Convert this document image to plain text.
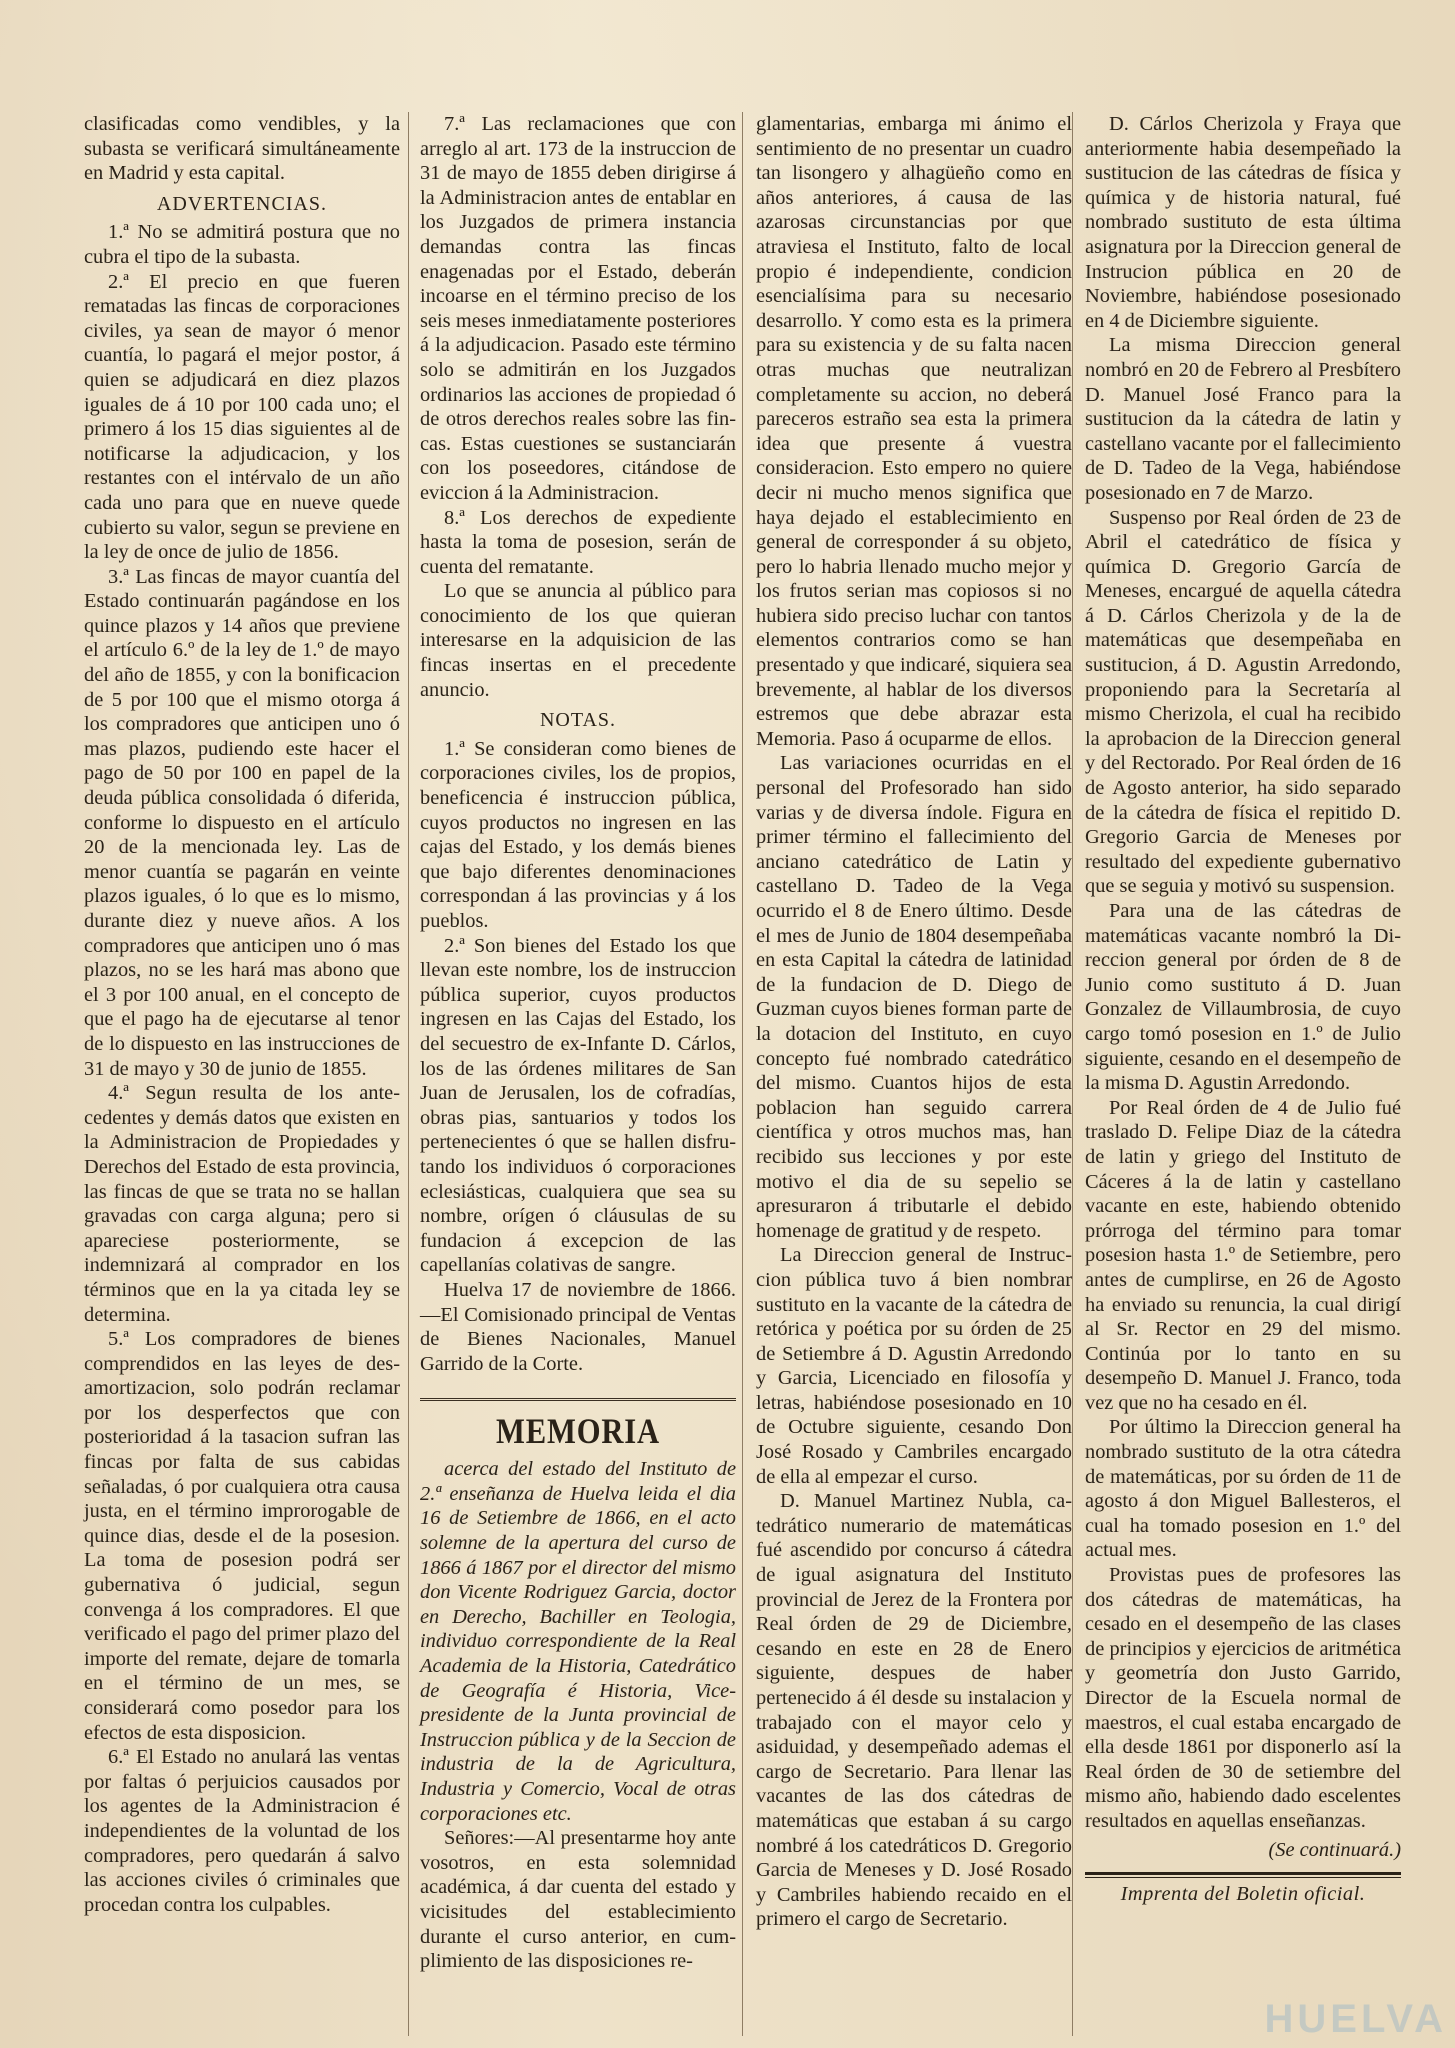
clasificadas como vendibles, y la subasta se verificará simultáneamente en Madrid y esta capital.

ADVERTENCIAS.

1.ª No se admitirá postura que no cubra el tipo de la subasta.

2.ª El precio en que fueren rematadas las fincas de corporaciones civiles, ya sean de mayor ó menor cuantía, lo pagará el mejor postor, á quien se adjudicará en diez plazos iguales de á 10 por 100 cada uno; el primero á los 15 dias siguientes al de notificarse la adjudicacion, y los restantes con el intérvalo de un año cada uno para que en nueve quede cubierto su valor, segun se previene en la ley de once de julio de 1856.

3.ª Las fincas de mayor cuantía del Estado continuarán pagándose en los quince plazos y 14 años que previene el artículo 6.º de la ley de 1.º de mayo del año de 1855, y con la bonificacion de 5 por 100 que el mismo otorga á los compradores que anticipen uno ó mas plazos, pudiendo este hacer el pago de 50 por 100 en papel de la deuda pública consolidada ó diferida, conforme lo dispuesto en el artículo 20 de la mencionada ley. Las de menor cuantía se pagarán en veinte plazos iguales, ó lo que es lo mismo, durante diez y nueve años. A los compradores que anticipen uno ó mas plazos, no se les hará mas abono que el 3 por 100 anual, en el concepto de que el pago ha de ejecutarse al tenor de lo dispuesto en las instrucciones de 31 de mayo y 30 de junio de 1855.

4.ª Segun resulta de los antecedentes y demás datos que existen en la Administracion de Propiedades y Derechos del Estado de esta provincia, las fincas de que se trata no se hallan gravadas con carga alguna; pero si apareciese posteriormente, se indemnizará al comprador en los términos que en la ya citada ley se determina.

5.ª Los compradores de bienes comprendidos en las leyes de desamortizacion, solo podrán reclamar por los desperfectos que con posterioridad á la tasacion sufran las fincas por falta de sus cabidas señaladas, ó por cualquiera otra causa justa, en el término improrogable de quince dias, desde el de la posesion. La toma de posesion podrá ser gubernativa ó judicial, segun convenga á los compradores. El que verificado el pago del primer plazo del importe del remate, dejare de tomarla en el término de un mes, se considerará como posedor para los efectos de esta disposicion.

6.ª El Estado no anulará las ventas por faltas ó perjuicios causados por los agentes de la Administracion é independientes de la voluntad de los compradores, pero quedarán á salvo las acciones civiles ó criminales que procedan contra los culpables.

7.ª Las reclamaciones que con arreglo al art. 173 de la instruccion de 31 de mayo de 1855 deben dirigirse á la Administracion antes de entablar en los Juzgados de primera instancia demandas contra las fincas enagenadas por el Estado, deberán incoarse en el término preciso de los seis meses inmediatamente posteriores á la adjudicacion. Pasado este término solo se admitirán en los Juzgados ordinarios las acciones de propiedad ó de otros derechos reales sobre las fincas. Estas cuestiones se sustanciarán con los poseedores, citándose de eviccion á la Administracion.

8.ª Los derechos de expediente hasta la toma de posesion, serán de cuenta del rematante.

Lo que se anuncia al público para conocimiento de los que quieran interesarse en la adquisicion de las fincas insertas en el precedente anuncio.

NOTAS.

1.ª Se consideran como bienes de corporaciones civiles, los de propios, beneficencia é instruccion pública, cuyos productos no ingresen en las cajas del Estado, y los demás bienes que bajo diferentes denominaciones correspondan á las provincias y á los pueblos.

2.ª Son bienes del Estado los que llevan este nombre, los de instruccion pública superior, cuyos productos ingresen en las Cajas del Estado, los del secuestro de ex-Infante D. Cárlos, los de las órdenes militares de San Juan de Jerusalen, los de cofradías, obras pias, santuarios y todos los pertenecientes ó que se hallen disfrutando los individuos ó corporaciones eclesiásticas, cualquiera que sea su nombre, orígen ó cláusulas de su fundacion á excepcion de las capellanías colativas de sangre.

Huelva 17 de noviembre de 1866.—El Comisionado principal de Ventas de Bienes Nacionales, Manuel Garrido de la Corte.

MEMORIA

acerca del estado del Instituto de 2.ª enseñanza de Huelva leida el dia 16 de Setiembre de 1866, en el acto solemne de la apertura del curso de 1866 á 1867 por el director del mismo don Vicente Rodriguez Garcia, doctor en Derecho, Bachiller en Teologia, individuo correspondiente de la Real Academia de la Historia, Catedrático de Geografía é Historia, Vice-presidente de la Junta provincial de Instruccion pública y de la Seccion de industria de la de Agricultura, Industria y Comercio, Vocal de otras corporaciones etc.

Señores:—Al presentarme hoy ante vosotros, en esta solemnidad académica, á dar cuenta del estado y vicisitudes del establecimiento durante el curso anterior, en cumplimiento de las disposiciones re-

glamentarias, embarga mi ánimo el sentimiento de no presentar un cuadro tan lisongero y alhagüeño como en años anteriores, á causa de las azarosas circunstancias por que atraviesa el Instituto, falto de local propio é independiente, condicion esencialísima para su necesario desarrollo. Y como esta es la primera para su existencia y de su falta nacen otras muchas que neutralizan completamente su accion, no deberá pareceros estraño sea esta la primera idea que presente á vuestra consideracion. Esto empero no quiere decir ni mucho menos significa que haya dejado el establecimiento en general de corresponder á su objeto, pero lo habria llenado mucho mejor y los frutos serian mas copiosos si no hubiera sido preciso luchar con tantos elementos contrarios como se han presentado y que indicaré, siquiera sea brevemente, al hablar de los diversos estremos que debe abrazar esta Memoria. Paso á ocuparme de ellos.

Las variaciones ocurridas en el personal del Profesorado han sido varias y de diversa índole. Figura en primer término el fallecimiento del anciano catedrático de Latin y castellano D. Tadeo de la Vega ocurrido el 8 de Enero último. Desde el mes de Junio de 1804 desempeñaba en esta Capital la cátedra de latinidad de la fundacion de D. Diego de Guzman cuyos bienes forman parte de la dotacion del Instituto, en cuyo concepto fué nombrado catedrático del mismo. Cuantos hijos de esta poblacion han seguido carrera científica y otros muchos mas, han recibido sus lecciones y por este motivo el dia de su sepelio se apresuraron á tributarle el debido homenage de gratitud y de respeto.

La Direccion general de Instruccion pública tuvo á bien nombrar sustituto en la vacante de la cátedra de retórica y poética por su órden de 25 de Setiembre á D. Agustin Arredondo y Garcia, Licenciado en filosofía y letras, habiéndose posesionado en 10 de Octubre siguiente, cesando Don José Rosado y Cambriles encargado de ella al empezar el curso.

D. Manuel Martinez Nubla, catedrático numerario de matemáticas fué ascendido por concurso á cátedra de igual asignatura del Instituto provincial de Jerez de la Frontera por Real órden de 29 de Diciembre, cesando en este en 28 de Enero siguiente, despues de haber pertenecido á él desde su instalacion y trabajado con el mayor celo y asiduidad, y desempeñado ademas el cargo de Secretario. Para llenar las vacantes de las dos cátedras de matemáticas que estaban á su cargo nombré á los catedráticos D. Gregorio Garcia de Meneses y D. José Rosado y Cambriles habiendo recaido en el primero el cargo de Secretario.

D. Cárlos Cherizola y Fraya que anteriormente habia desempeñado la sustitucion de las cátedras de física y química y de historia natural, fué nombrado sustituto de esta última asignatura por la Direccion general de Instrucion pública en 20 de Noviembre, habiéndose posesionado en 4 de Diciembre siguiente.

La misma Direccion general nombró en 20 de Febrero al Presbítero D. Manuel José Franco para la sustitucion da la cátedra de latin y castellano vacante por el fallecimiento de D. Tadeo de la Vega, habiéndose posesionado en 7 de Marzo.

Suspenso por Real órden de 23 de Abril el catedrático de física y química D. Gregorio García de Meneses, encargué de aquella cátedra á D. Cárlos Cherizola y de la de matemáticas que desempeñaba en sustitucion, á D. Agustin Arredondo, proponiendo para la Secretaría al mismo Cherizola, el cual ha recibido la aprobacion de la Direccion general y del Rectorado. Por Real órden de 16 de Agosto anterior, ha sido separado de la cátedra de física el repitido D. Gregorio Garcia de Meneses por resultado del expediente gubernativo que se seguia y motivó su suspension.

Para una de las cátedras de matemáticas vacante nombró la Direccion general por órden de 8 de Junio como sustituto á D. Juan Gonzalez de Villaumbrosia, de cuyo cargo tomó posesion en 1.º de Julio siguiente, cesando en el desempeño de la misma D. Agustin Arredondo.

Por Real órden de 4 de Julio fué traslado D. Felipe Diaz de la cátedra de latin y griego del Instituto de Cáceres á la de latin y castellano vacante en este, habiendo obtenido prórroga del término para tomar posesion hasta 1.º de Setiembre, pero antes de cumplirse, en 26 de Agosto ha enviado su renuncia, la cual dirigí al Sr. Rector en 29 del mismo. Continúa por lo tanto en su desempeño D. Manuel J. Franco, toda vez que no ha cesado en él.

Por último la Direccion general ha nombrado sustituto de la otra cátedra de matemáticas, por su órden de 11 de agosto á don Miguel Ballesteros, el cual ha tomado posesion en 1.º del actual mes.

Provistas pues de profesores las dos cátedras de matemáticas, ha cesado en el desempeño de las clases de principios y ejercicios de aritmética y geometría don Justo Garrido, Director de la Escuela normal de maestros, el cual estaba encargado de ella desde 1861 por disponerlo así la Real órden de 30 de setiembre del mismo año, habiendo dado escelentes resultados en aquellas enseñanzas.

(Se continuará.)
Imprenta del Boletin oficial.
HUELVA
